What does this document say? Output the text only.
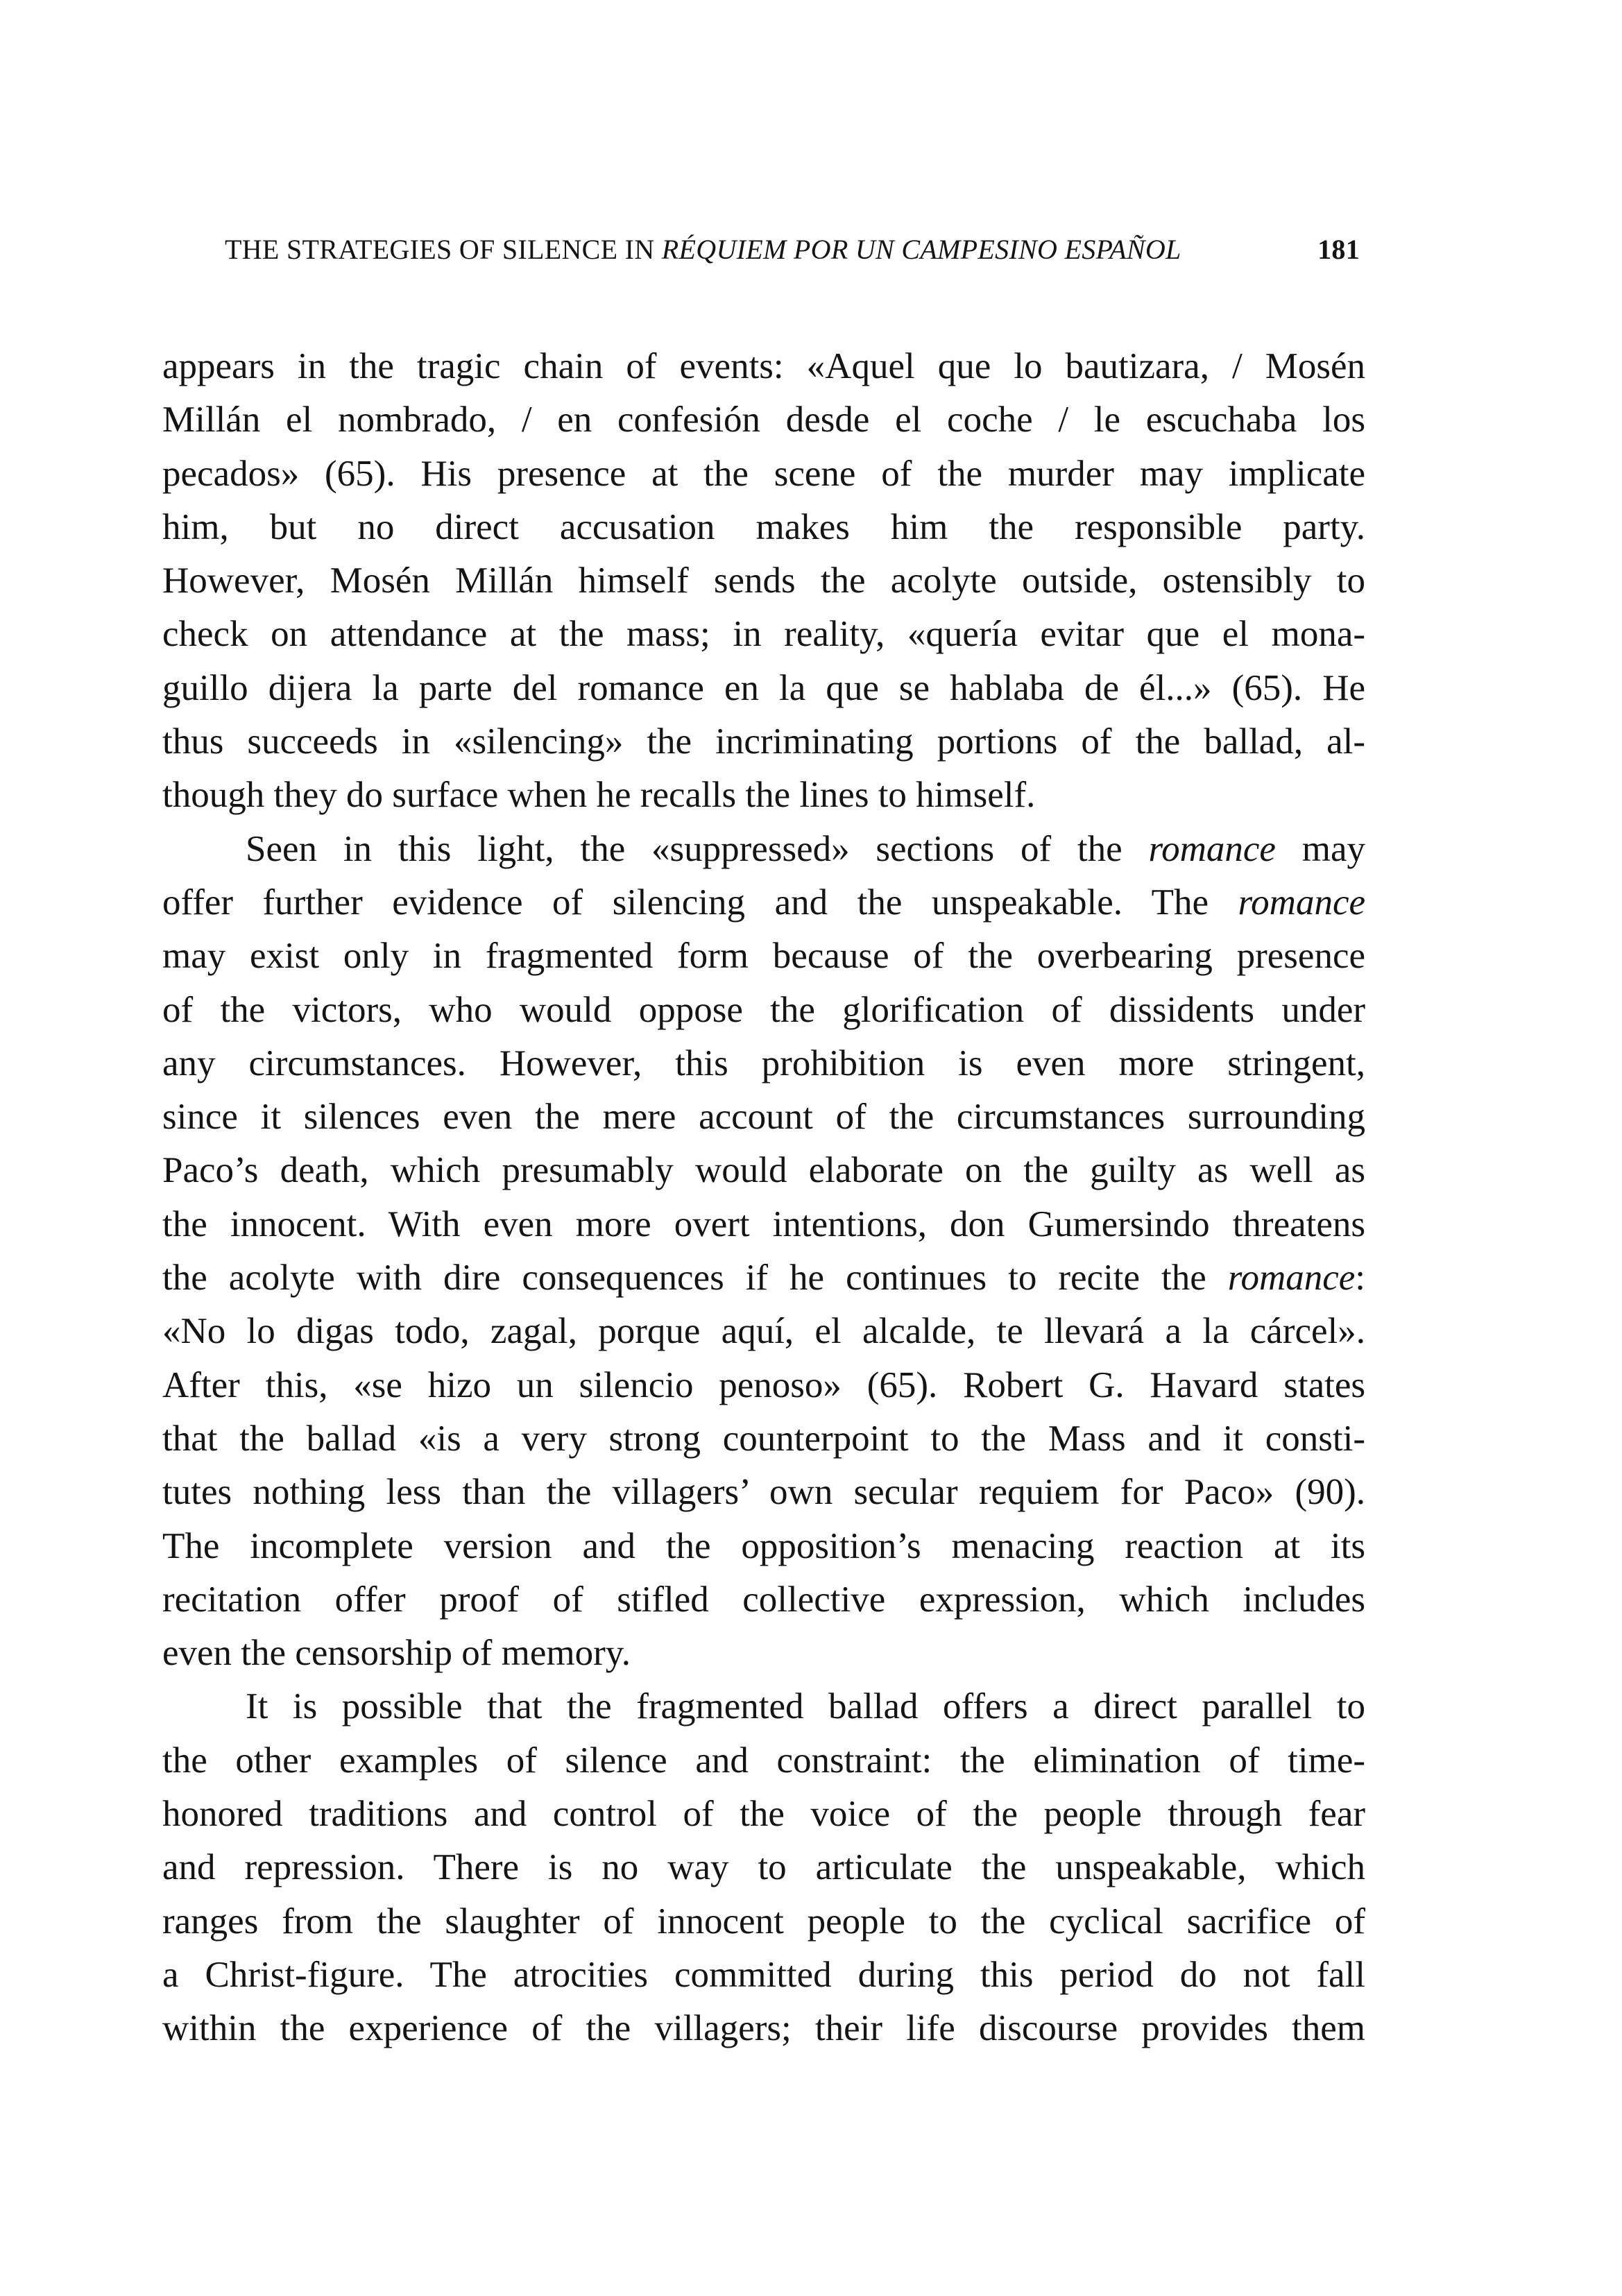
THE STRATEGIES OF SILENCE IN RÉQUIEM POR UN CAMPESINO ESPAÑOL	181

appears in the tragic chain of events: «Aquel que lo bautizara, / Mosén
Millán el nombrado, / en confesión desde el coche / le escuchaba los
pecados» (65). His presence at the scene of the murder may implicate
him, but no direct accusation makes him the responsible party.
However, Mosén Millán himself sends the acolyte outside, ostensibly to
check on attendance at the mass; in reality, «quería evitar que el mona-
guillo dijera la parte del romance en la que se hablaba de él...» (65). He
thus succeeds in «silencing» the incriminating portions of the ballad, al-
though they do surface when he recalls the lines to himself.

Seen in this light, the «suppressed» sections of the romance may
offer further evidence of silencing and the unspeakable. The romance
may exist only in fragmented form because of the overbearing presence
of the victors, who would oppose the glorification of dissidents under
any circumstances. However, this prohibition is even more stringent,
since it silences even the mere account of the circumstances surrounding
Paco’s death, which presumably would elaborate on the guilty as well as
the innocent. With even more overt intentions, don Gumersindo threatens
the acolyte with dire consequences if he continues to recite the romance:
«No lo digas todo, zagal, porque aquí, el alcalde, te llevará a la cárcel».
After this, «se hizo un silencio penoso» (65). Robert G. Havard states
that the ballad «is a very strong counterpoint to the Mass and it consti-
tutes nothing less than the villagers’ own secular requiem for Paco» (90).
The incomplete version and the opposition’s menacing reaction at its
recitation offer proof of stifled collective expression, which includes
even the censorship of memory.

It is possible that the fragmented ballad offers a direct parallel to
the other examples of silence and constraint: the elimination of time-
honored traditions and control of the voice of the people through fear
and repression. There is no way to articulate the unspeakable, which
ranges from the slaughter of innocent people to the cyclical sacrifice of
a Christ-figure. The atrocities committed during this period do not fall
within the experience of the villagers; their life discourse provides them
